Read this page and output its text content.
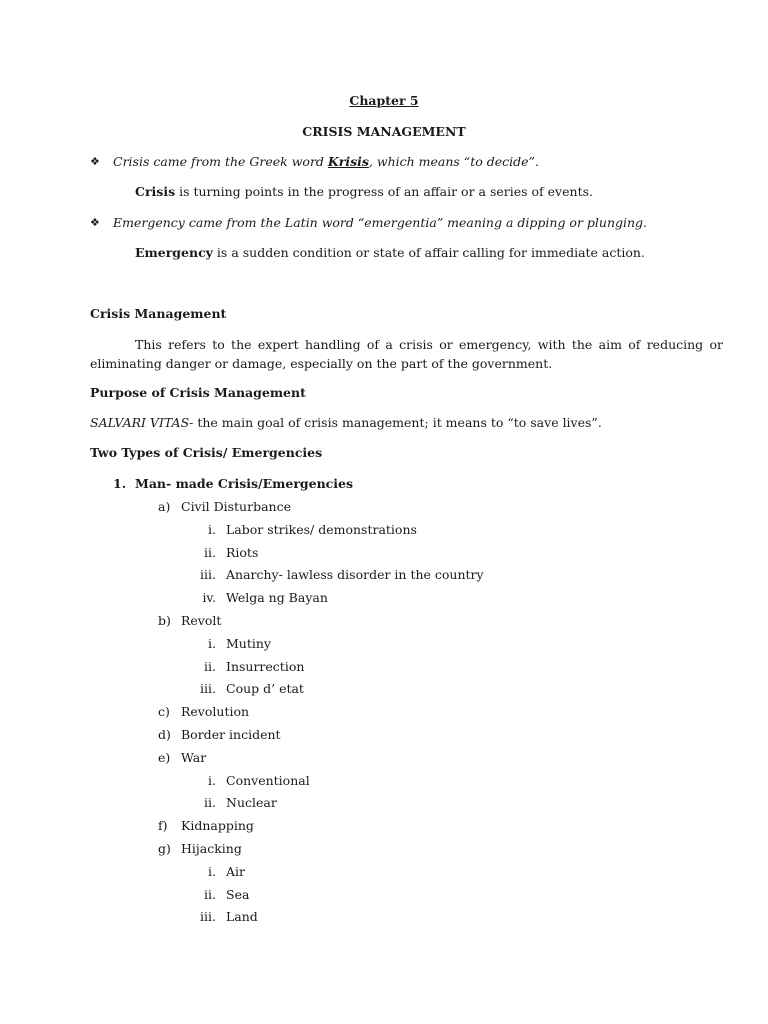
Chapter 5
CRISIS MANAGEMENT
❖ Crisis came from the Greek word Krisis, which means “to decide”.
Crisis is turning points in the progress of an affair or a series of events.
❖ Emergency came from the Latin word “emergentia” meaning a dipping or plunging.
Emergency is a sudden condition or state of affair calling for immediate action.
Crisis Management
This refers to the expert handling of a crisis or emergency, with the aim of reducing or
eliminating danger or damage, especially on the part of the government.
Purpose of Crisis Management
SALVARI VITAS- the main goal of crisis management; it means to “to save lives”.
Two Types of Crisis/ Emergencies
1. Man- made Crisis/Emergencies
a) Civil Disturbance
i. Labor strikes/ demonstrations
ii. Riots
iii. Anarchy- lawless disorder in the country
iv. Welga ng Bayan
b) Revolt
i. Mutiny
ii. Insurrection
iii. Coup d’ etat
c) Revolution
d) Border incident
e) War
i. Conventional
ii. Nuclear
f) Kidnapping
g) Hijacking
i. Air
ii. Sea
iii. Land
